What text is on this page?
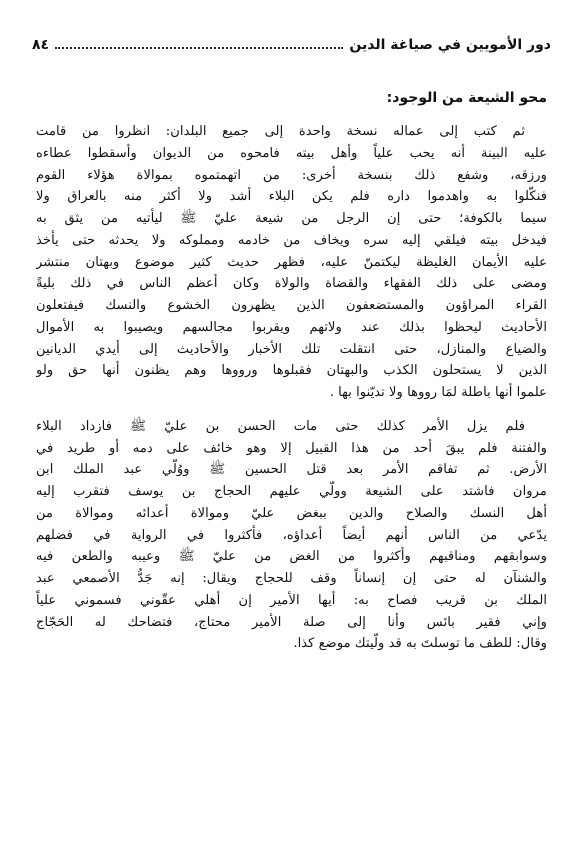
دور الأمويين في صياغة الدين
٨٤
محو الشيعة من الوجود:
ثم كتب إلى عماله نسخة واحدة إلى جميع البلدان: انظروا من قامت
عليه البينة أنه يحب علياً وأهل بيته فامحوه من الديوان وأسقطوا عطاءه
ورزقه، وشفع ذلك بنسخة أخرى: من اتهمتموه بموالاة هؤلاء القوم
فنكّلوا به واهدموا داره فلم يكن البلاء أشد ولا أكثر منه بالعراق ولا
سيما بالكوفة؛ حتى إن الرجل من شيعة عليّ ﷺ ليأتيه من يثق به
فيدخل بيته فيلقي إليه سره ويخاف من خادمه ومملوكه ولا يحدثه حتى يأخذ
عليه الأيمان الغليظة ليكتمنّ عليه، فظهر حديث كثير موضوع وبهتان منتشر
ومضى على ذلك الفقهاء والقضاة والولاة وكان أعظم الناس في ذلك بليةً
القراء المراؤون والمستضعفون الذين يظهرون الخشوع والنسك فيفتعلون
الأحاديث ليحظوا بذلك عند ولاتهم ويقربوا مجالسهم ويصيبوا به الأموال
والضياع والمنازل، حتى انتقلت تلك الأخبار والأحاديث إلى أيدي الديانين
الذين لا يستحلون الكذب والبهتان فقبلوها ورووها وهم يظنون أنها حق ولو
علموا أنها باطلة لمَا رووها ولا تديّنوا بها .
فلم يزل الأمر كذلك حتى مات الحسن بن عليّ ﷺ فازداد البلاء
والفتنة فلم يبقَ أحد من هذا القبيل إلا وهو خائف على دمه أو طريد في
الأرض. ثم تفاقم الأمر بعد قتل الحسين ﷺ ووُلّي عبد الملك ابن
مروان فاشتد على الشيعة وولّي عليهم الحجاج بن يوسف فتقرب إليه
أهل النسك والصلاح والدين ببغض عليّ وموالاة أعدائه وموالاة من
يدّعي من الناس أنهم أيضاً أعداؤه، فأكثروا في الرواية في فضلهم
وسوابقهم ومناقبهم وأكثروا من الغض من عليّ ﷺ وعيبه والطعن فيه
والشنآن له حتى إن إنساناً وقف للحجاج ويقال: إنه جَدُّ الأصمعي عبد
الملك بن قريب فصاح به: أيها الأمير إن أهلي عقّوني فسموني علياً
وإني فقير بائس وأنا إلى صلة الأمير محتاج، فتضاحك له الحَجّاج
وقال: للطف ما توسلتَ به قد ولّيتك موضع كذا.
